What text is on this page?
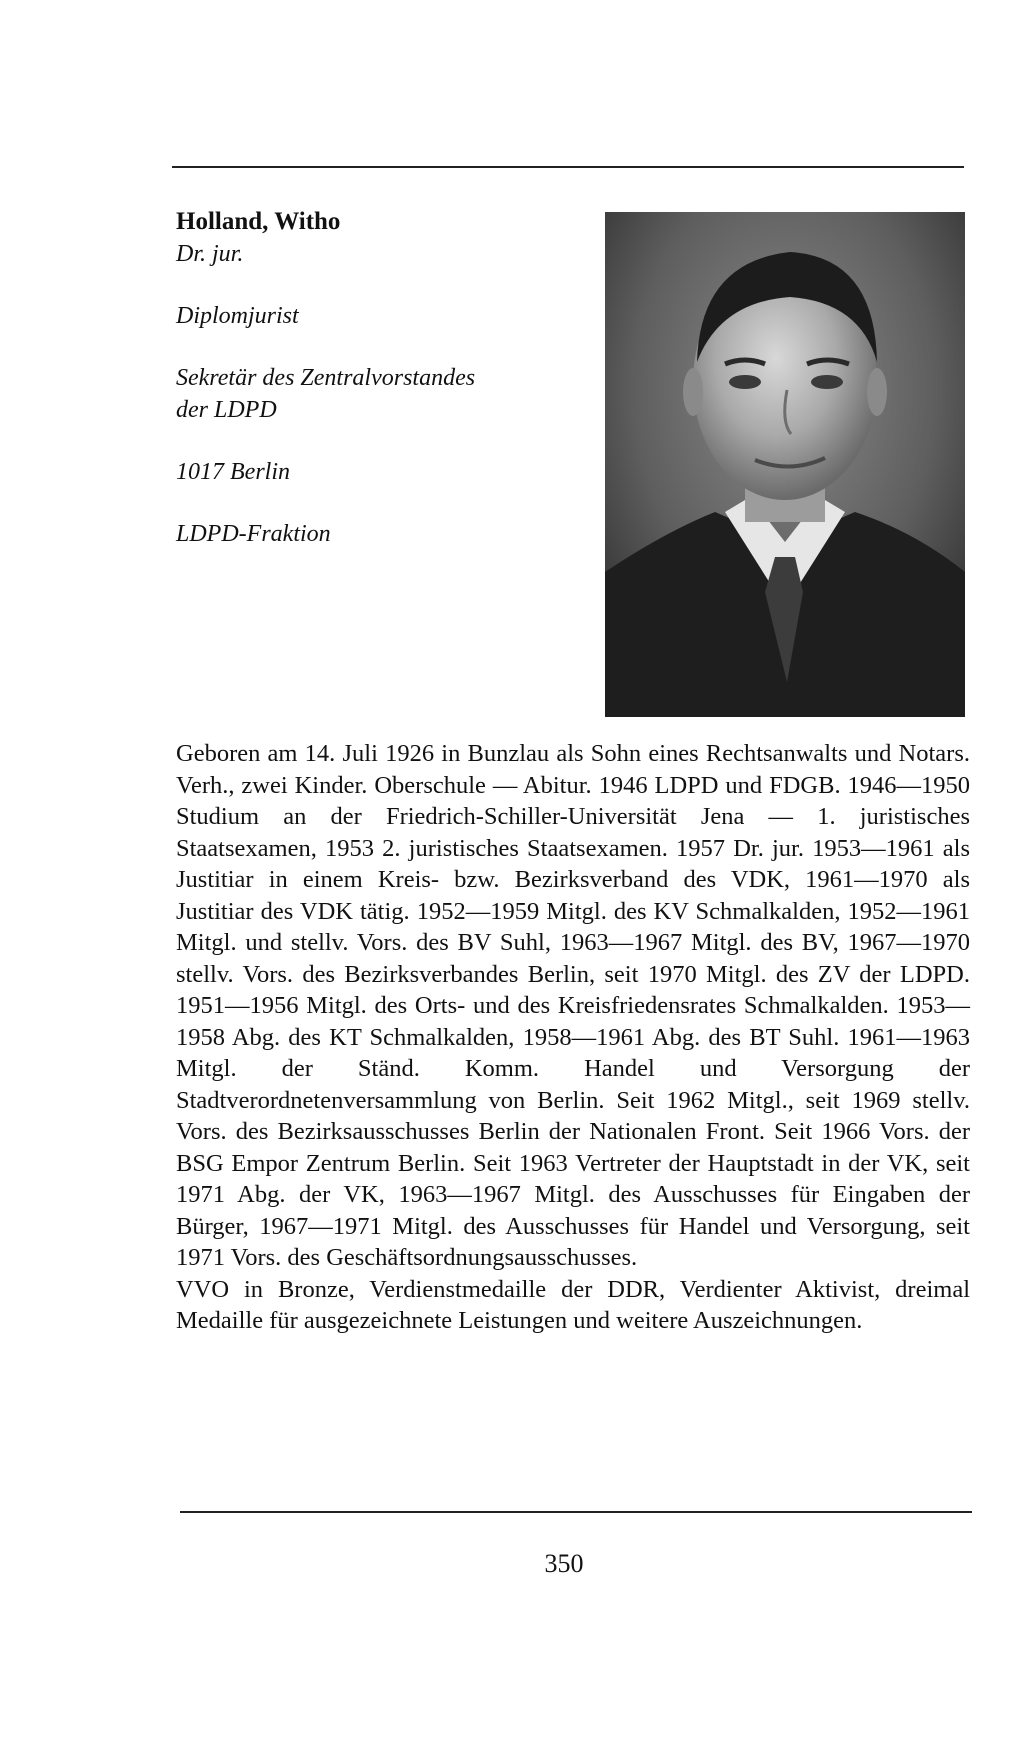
Holland, Witho

Dr. jur.

Diplomjurist

Sekretär des Zentralvorstandes

der LDPD

1017 Berlin

LDPD-Fraktion

Geboren am 14. Juli 1926 in Bunzlau als Sohn eines Rechtsanwalts und Notars. Verh., zwei Kinder. Oberschule — Abitur. 1946 LDPD und FDGB. 1946—1950 Studium an der Friedrich-Schiller-Universität Jena — 1. juristisches Staatsexamen, 1953 2. juristisches Staatsexamen. 1957 Dr. jur. 1953—1961 als Justitiar in einem Kreis- bzw. Bezirksverband des VDK, 1961—1970 als Justitiar des VDK tätig. 1952—1959 Mitgl. des KV Schmalkalden, 1952—1961 Mitgl. und stellv. Vors. des BV Suhl, 1963—1967 Mitgl. des BV, 1967—1970 stellv. Vors. des Bezirksverbandes Berlin, seit 1970 Mitgl. des ZV der LDPD. 1951—1956 Mitgl. des Orts- und des Kreisfriedensrates Schmalkalden. 1953—1958 Abg. des KT Schmalkalden, 1958—1961 Abg. des BT Suhl. 1961—1963 Mitgl. der Ständ. Komm. Handel und Versorgung der Stadtverordnetenversammlung von Berlin. Seit 1962 Mitgl., seit 1969 stellv. Vors. des Bezirksausschusses Berlin der Nationalen Front. Seit 1966 Vors. der BSG Empor Zentrum Berlin. Seit 1963 Vertreter der Hauptstadt in der VK, seit 1971 Abg. der VK, 1963—1967 Mitgl. des Ausschusses für Eingaben der Bürger, 1967—1971 Mitgl. des Ausschusses für Handel und Versorgung, seit 1971 Vors. des Geschäftsordnungsausschusses.

VVO in Bronze, Verdienstmedaille der DDR, Verdienter Aktivist, dreimal Medaille für ausgezeichnete Leistungen und weitere Auszeichnungen.

350
